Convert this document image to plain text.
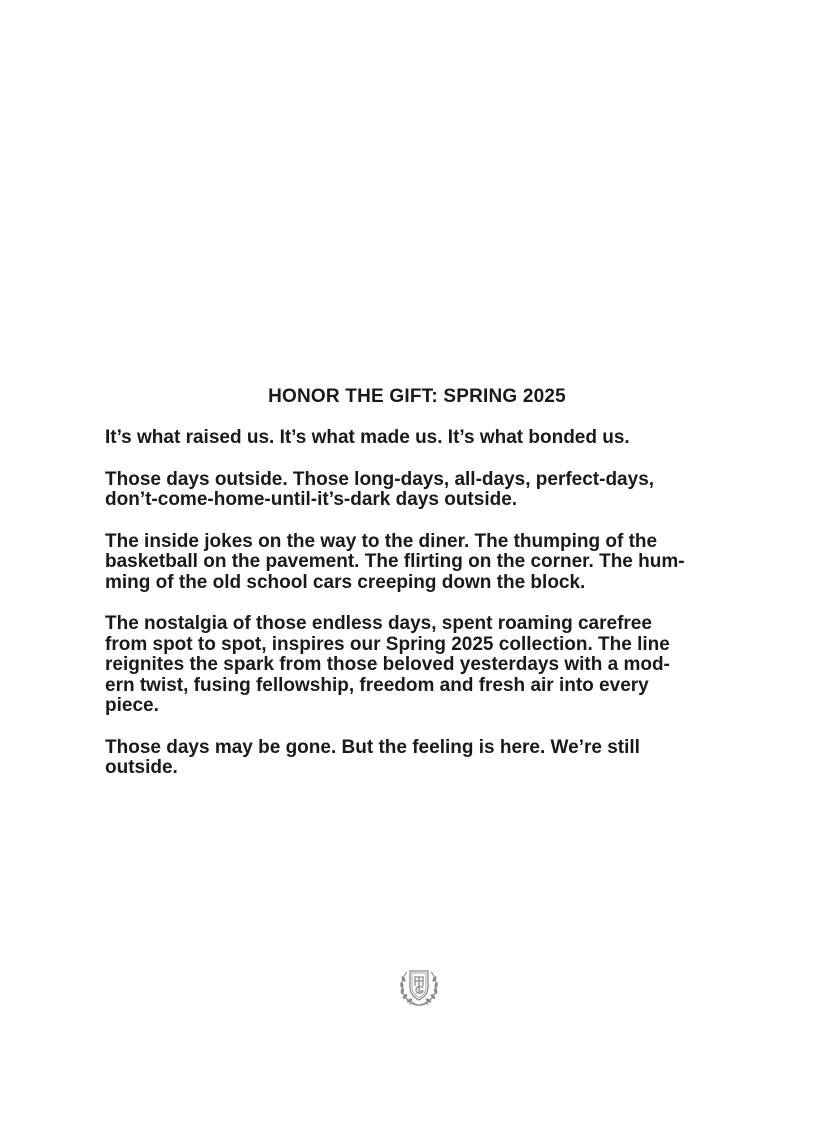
HONOR THE GIFT: SPRING 2025

It’s what raised us. It’s what made us. It’s what bonded us.

Those days outside. Those long-days, all-days, perfect-days,
don’t-come-home-until-it’s-dark days outside.

The inside jokes on the way to the diner. The thumping of the
basketball on the pavement. The flirting on the corner. The hum-
ming of the old school cars creeping down the block.

The nostalgia of those endless days, spent roaming carefree
from spot to spot, inspires our Spring 2025 collection. The line
reignites the spark from those beloved yesterdays with a mod-
ern twist, fusing fellowship, freedom and fresh air into every
piece.

Those days may be gone. But the feeling is here. We’re still
outside.
